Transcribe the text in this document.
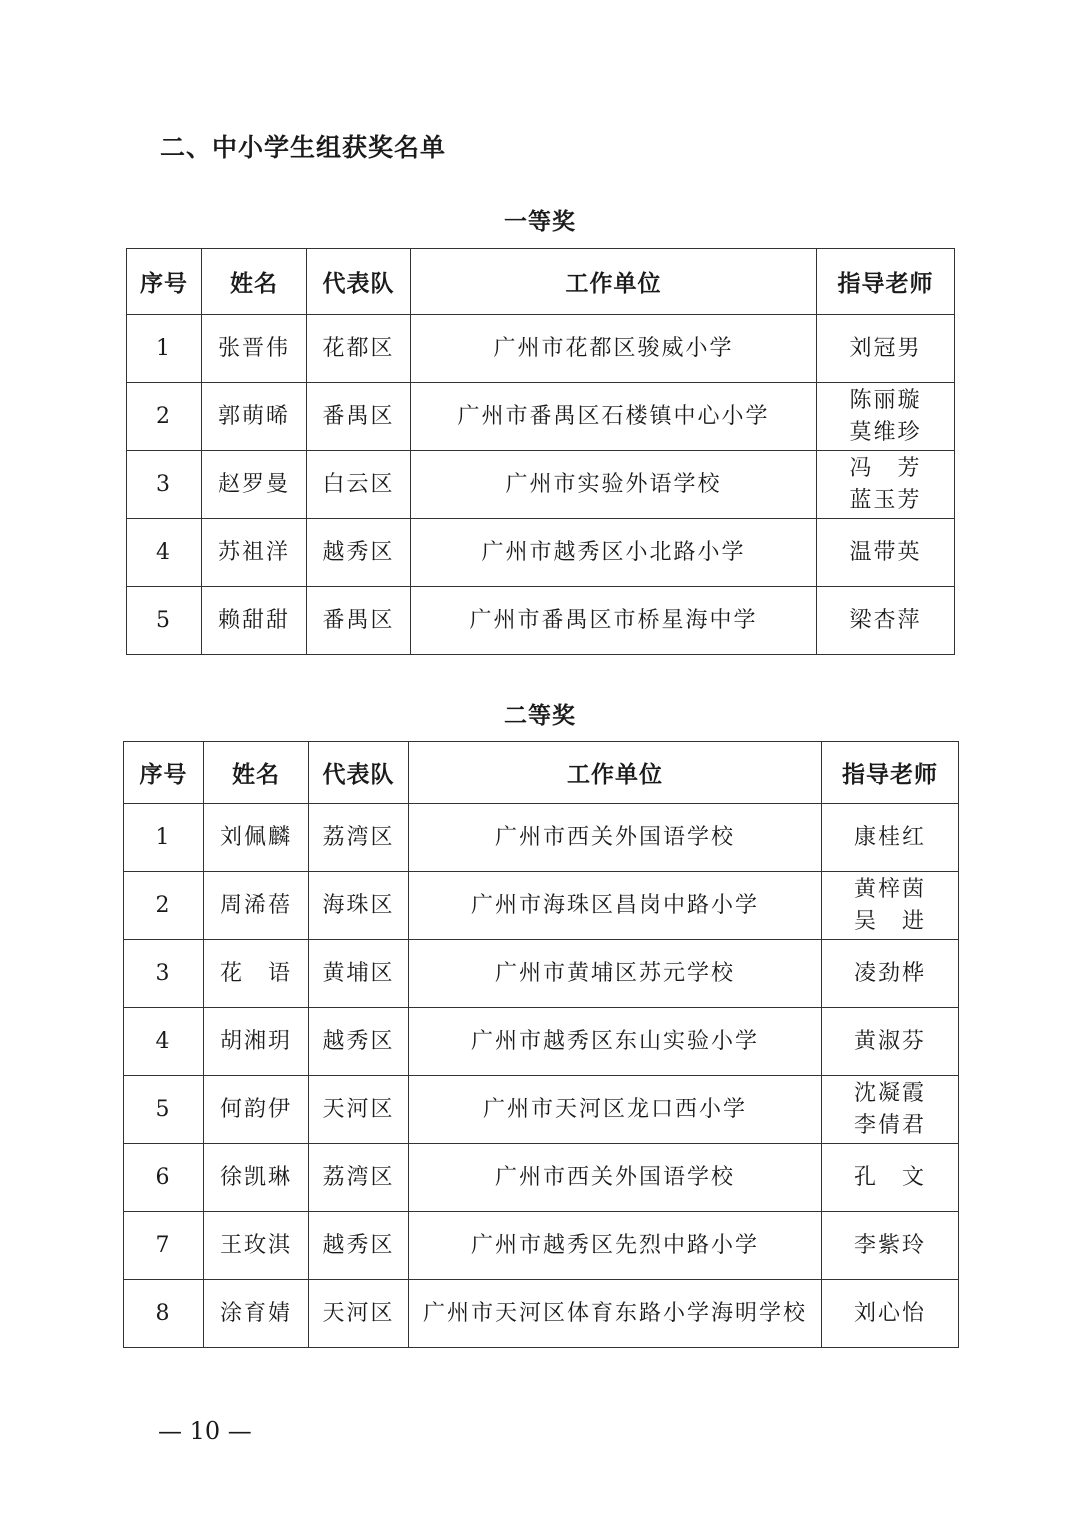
二、中小学生组获奖名单
一等奖
序号	姓名	代表队	工作单位	指导老师
1	张晋伟	花都区	广州市花都区骏威小学	刘冠男

2	郭萌晞	番禺区	广州市番禺区石楼镇中心小学	陈丽璇
莫维珍

3	赵罗曼	白云区	广州市实验外语学校	冯　芳
蓝玉芳

4	苏祖洋	越秀区	广州市越秀区小北路小学	温带英

5	赖甜甜	番禺区	广州市番禺区市桥星海中学	梁杏萍
二等奖
序号	姓名	代表队	工作单位	指导老师
1	刘佩麟	荔湾区	广州市西关外国语学校	康桂红

2	周浠蓓	海珠区	广州市海珠区昌岗中路小学	黄梓茵
吴　进

3	花　语	黄埔区	广州市黄埔区苏元学校	凌劲桦

4	胡湘玥	越秀区	广州市越秀区东山实验小学	黄淑芬

5	何韵伊	天河区	广州市天河区龙口西小学	沈凝霞
李倩君

6	徐凯琳	荔湾区	广州市西关外国语学校	孔　文

7	王玫淇	越秀区	广州市越秀区先烈中路小学	李紫玲

8	涂育婧	天河区	广州市天河区体育东路小学海明学校	刘心怡
— 10 —
